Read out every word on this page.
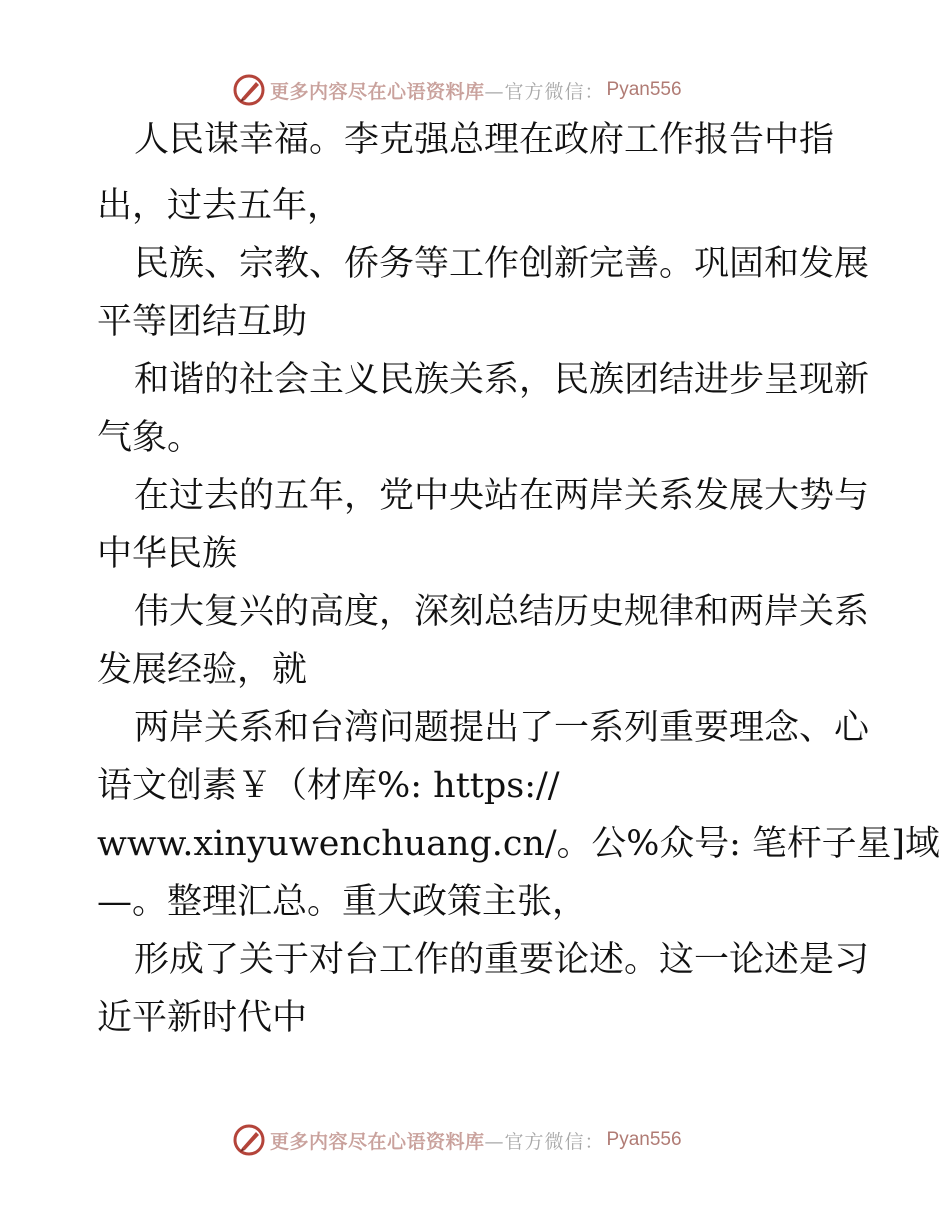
更多内容尽在心语资料库 —官方微信： Pyan556
人民谋幸福。李克强总理在政府工作报告中指
出，过去五年，
民族、宗教、侨务等工作创新完善。巩固和发展
平等团结互助
和谐的社会主义民族关系，民族团结进步呈现新
气象。
在过去的五年，党中央站在两岸关系发展大势与
中华民族
伟大复兴的高度，深刻总结历史规律和两岸关系
发展经验，就
两岸关系和台湾问题提出了一系列重要理念、心
语文创素￥（材库%: https://
www.xinyuwenchuang.cn/。公%众号: 笔杆子星]域
—。整理汇总。重大政策主张，
形成了关于对台工作的重要论述。这一论述是习
近平新时代中
更多内容尽在心语资料库 —官方微信： Pyan556
